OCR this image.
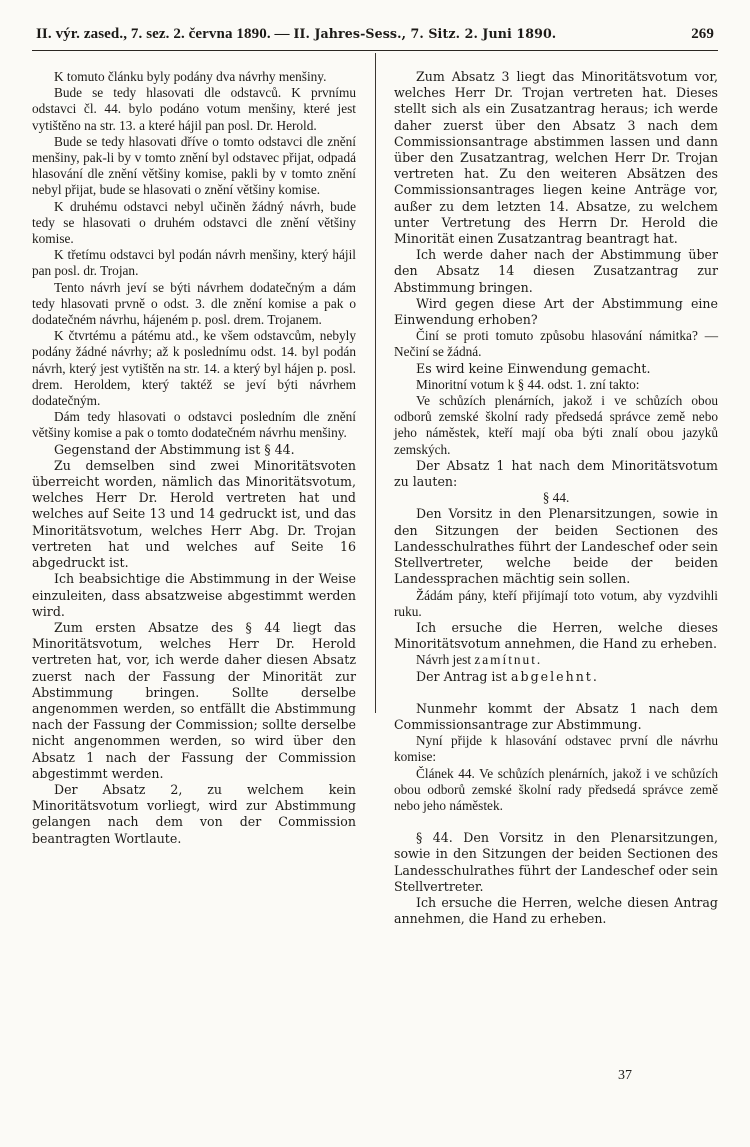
II. výr. zased., 7. sez. 2. června 1890. — II. Jahres-Sess., 7. Sitz. 2. Juni 1890.	269

K tomuto článku byly podány dva návrhy menšiny.

Bude se tedy hlasovati dle odstavců. K prvnímu odstavci čl. 44. bylo podáno votum menšiny, které jest vytištěno na str. 13. a které hájil pan posl. Dr. Herold.

Bude se tedy hlasovati dříve o tomto odstavci dle znění menšiny, pak-li by v tomto znění byl odstavec přijat, odpadá hlasování dle znění většiny komise, pakli by v tomto znění nebyl přijat, bude se hlasovati o znění většiny komise.

K druhému odstavci nebyl učiněn žádný návrh, bude tedy se hlasovati o druhém odstavci dle znění většiny komise.

K třetímu odstavci byl podán návrh menšiny, který hájil pan posl. dr. Trojan.

Tento návrh jeví se býti návrhem dodatečným a dám tedy hlasovati prvně o odst. 3. dle znění komise a pak o dodatečném návrhu, hájeném p. posl. drem. Trojanem.

K čtvrtému a pátému atd., ke všem odstavcům, nebyly podány žádné návrhy; až k poslednímu odst. 14. byl podán návrh, který jest vytištěn na str. 14. a který byl hájen p. posl. drem. Heroldem, který taktéž se jeví býti návrhem dodatečným.

Dám tedy hlasovati o odstavci posledním dle znění většiny komise a pak o tomto dodatečném návrhu menšiny.

Gegenstand der Abstimmung ist § 44.

Zu demselben sind zwei Minoritätsvoten überreicht worden, nämlich das Minoritätsvotum, welches Herr Dr. Herold vertreten hat und welches auf Seite 13 und 14 gedruckt ist, und das Minoritätsvotum, welches Herr Abg. Dr. Trojan vertreten hat und welches auf Seite 16 abgedruckt ist.

Ich beabsichtige die Abstimmung in der Weise einzuleiten, dass absatzweise abgestimmt werden wird.

Zum ersten Absatze des § 44 liegt das Minoritätsvotum, welches Herr Dr. Herold vertreten hat, vor, ich werde daher diesen Absatz zuerst nach der Fassung der Minorität zur Abstimmung bringen. Sollte derselbe angenommen werden, so entfällt die Abstimmung nach der Fassung der Commission; sollte derselbe nicht angenommen werden, so wird über den Absatz 1 nach der Fassung der Commission abgestimmt werden.

Der Absatz 2, zu welchem kein Minoritätsvotum vorliegt, wird zur Abstimmung gelangen nach dem von der Commission beantragten Wortlaute.

Zum Absatz 3 liegt das Minoritätsvotum vor, welches Herr Dr. Trojan vertreten hat. Dieses stellt sich als ein Zusatzantrag heraus; ich werde daher zuerst über den Absatz 3 nach dem Commissionsantrage abstimmen lassen und dann über den Zusatzantrag, welchen Herr Dr. Trojan vertreten hat. Zu den weiteren Absätzen des Commissionsantrages liegen keine Anträge vor, außer zu dem letzten 14. Absatze, zu welchem unter Vertretung des Herrn Dr. Herold die Minorität einen Zusatzantrag beantragt hat.

Ich werde daher nach der Abstimmung über den Absatz 14 diesen Zusatzantrag zur Abstimmung bringen.

Wird gegen diese Art der Abstimmung eine Einwendung erhoben?

Činí se proti tomuto způsobu hlasování námitka? — Nečiní se žádná.

Es wird keine Einwendung gemacht.

Minoritní votum k § 44. odst. 1. zní takto:

Ve schůzích plenárních, jakož i ve schůzích obou odborů zemské školní rady předsedá správce země nebo jeho náměstek, kteří mají oba býti znalí obou jazyků zemských.

Der Absatz 1 hat nach dem Minoritätsvotum zu lauten:

§ 44.

Den Vorsitz in den Plenarsitzungen, sowie in den Sitzungen der beiden Sectionen des Landesschulrathes führt der Landeschef oder sein Stellvertreter, welche beide der beiden Landessprachen mächtig sein sollen.

Žádám pány, kteří přijímají toto votum, aby vyzdvihli ruku.

Ich ersuche die Herren, welche dieses Minoritätsvotum annehmen, die Hand zu erheben.

Návrh jest zamítnut.

Der Antrag ist abgelehnt.

Nunmehr kommt der Absatz 1 nach dem Commissionsantrage zur Abstimmung.

Nyní přijde k hlasování odstavec první dle návrhu komise:

Článek 44. Ve schůzích plenárních, jakož i ve schůzích obou odborů zemské školní rady předsedá správce země nebo jeho náměstek.

§ 44. Den Vorsitz in den Plenarsitzungen, sowie in den Sitzungen der beiden Sectionen des Landesschulrathes führt der Landeschef oder sein Stellvertreter.

Ich ersuche die Herren, welche diesen Antrag annehmen, die Hand zu erheben.

37
